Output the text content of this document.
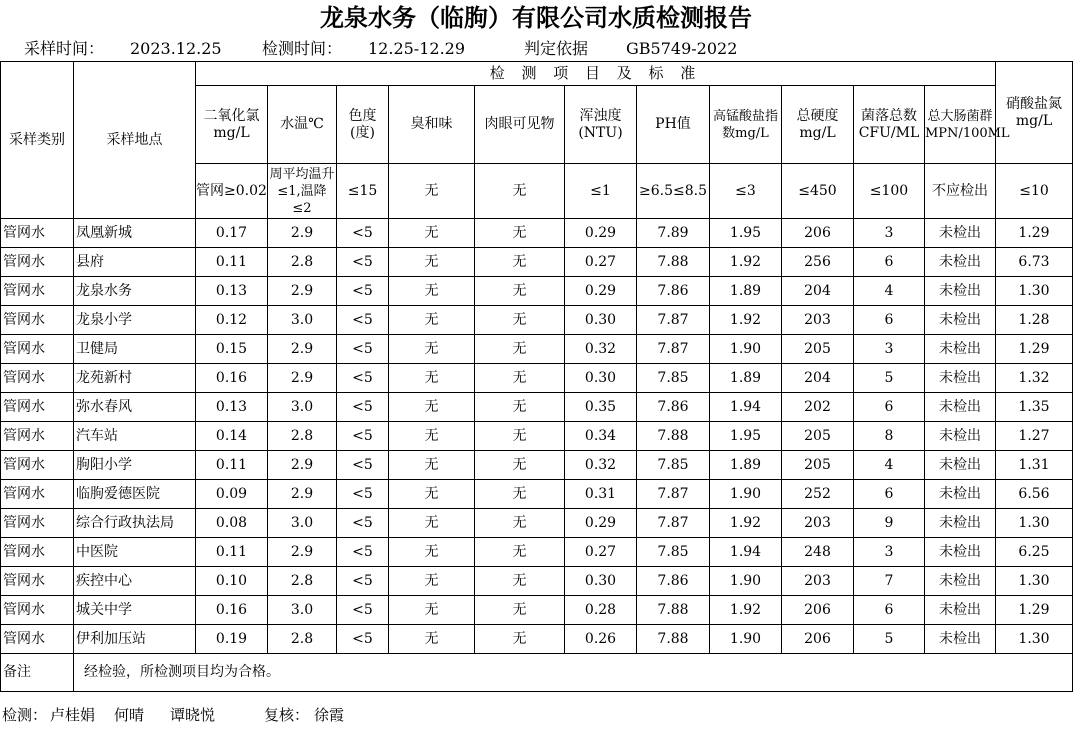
龙泉水务（临朐）有限公司水质检测报告
采样时间： 2023.12.25	检测时间： 12.25-12.29	判定依据 GB5749-2022
采样类别	采样地点	检 测 项 目 及 标 准											硝酸盐氮mg/L
		二氧化氯mg/L	水温℃	色度(度)	臭和味	肉眼可见物	浑浊度(NTU)	PH值	高锰酸盐指数mg/L	总硬度mg/L	菌落总数CFU/ML	总大肠菌群MPN/100ML	
		管网≥0.02	周平均温升≤1,温降≤2	≤15	无	无	≤1	≥6.5≤8.5	≤3	≤450	≤100	不应检出	≤10
管网水	凤凰新城	0.17	2.9	<5	无	无	0.29	7.89	1.95	206	3	未检出	1.29
管网水	县府	0.11	2.8	<5	无	无	0.27	7.88	1.92	256	6	未检出	6.73
管网水	龙泉水务	0.13	2.9	<5	无	无	0.29	7.86	1.89	204	4	未检出	1.30
管网水	龙泉小学	0.12	3.0	<5	无	无	0.30	7.87	1.92	203	6	未检出	1.28
管网水	卫健局	0.15	2.9	<5	无	无	0.32	7.87	1.90	205	3	未检出	1.29
管网水	龙苑新村	0.16	2.9	<5	无	无	0.30	7.85	1.89	204	5	未检出	1.32
管网水	弥水春风	0.13	3.0	<5	无	无	0.35	7.86	1.94	202	6	未检出	1.35
管网水	汽车站	0.14	2.8	<5	无	无	0.34	7.88	1.95	205	8	未检出	1.27
管网水	朐阳小学	0.11	2.9	<5	无	无	0.32	7.85	1.89	205	4	未检出	1.31
管网水	临朐爱德医院	0.09	2.9	<5	无	无	0.31	7.87	1.90	252	6	未检出	6.56
管网水	综合行政执法局	0.08	3.0	<5	无	无	0.29	7.87	1.92	203	9	未检出	1.30
管网水	中医院	0.11	2.9	<5	无	无	0.27	7.85	1.94	248	3	未检出	6.25
管网水	疾控中心	0.10	2.8	<5	无	无	0.30	7.86	1.90	203	7	未检出	1.30
管网水	城关中学	0.16	3.0	<5	无	无	0.28	7.88	1.92	206	6	未检出	1.29
管网水	伊利加压站	0.19	2.8	<5	无	无	0.26	7.88	1.90	206	5	未检出	1.30
备注	经检验，所检测项目均为合格。												
检测： 卢桂娟 何晴 谭晓悦	复核： 徐霞
